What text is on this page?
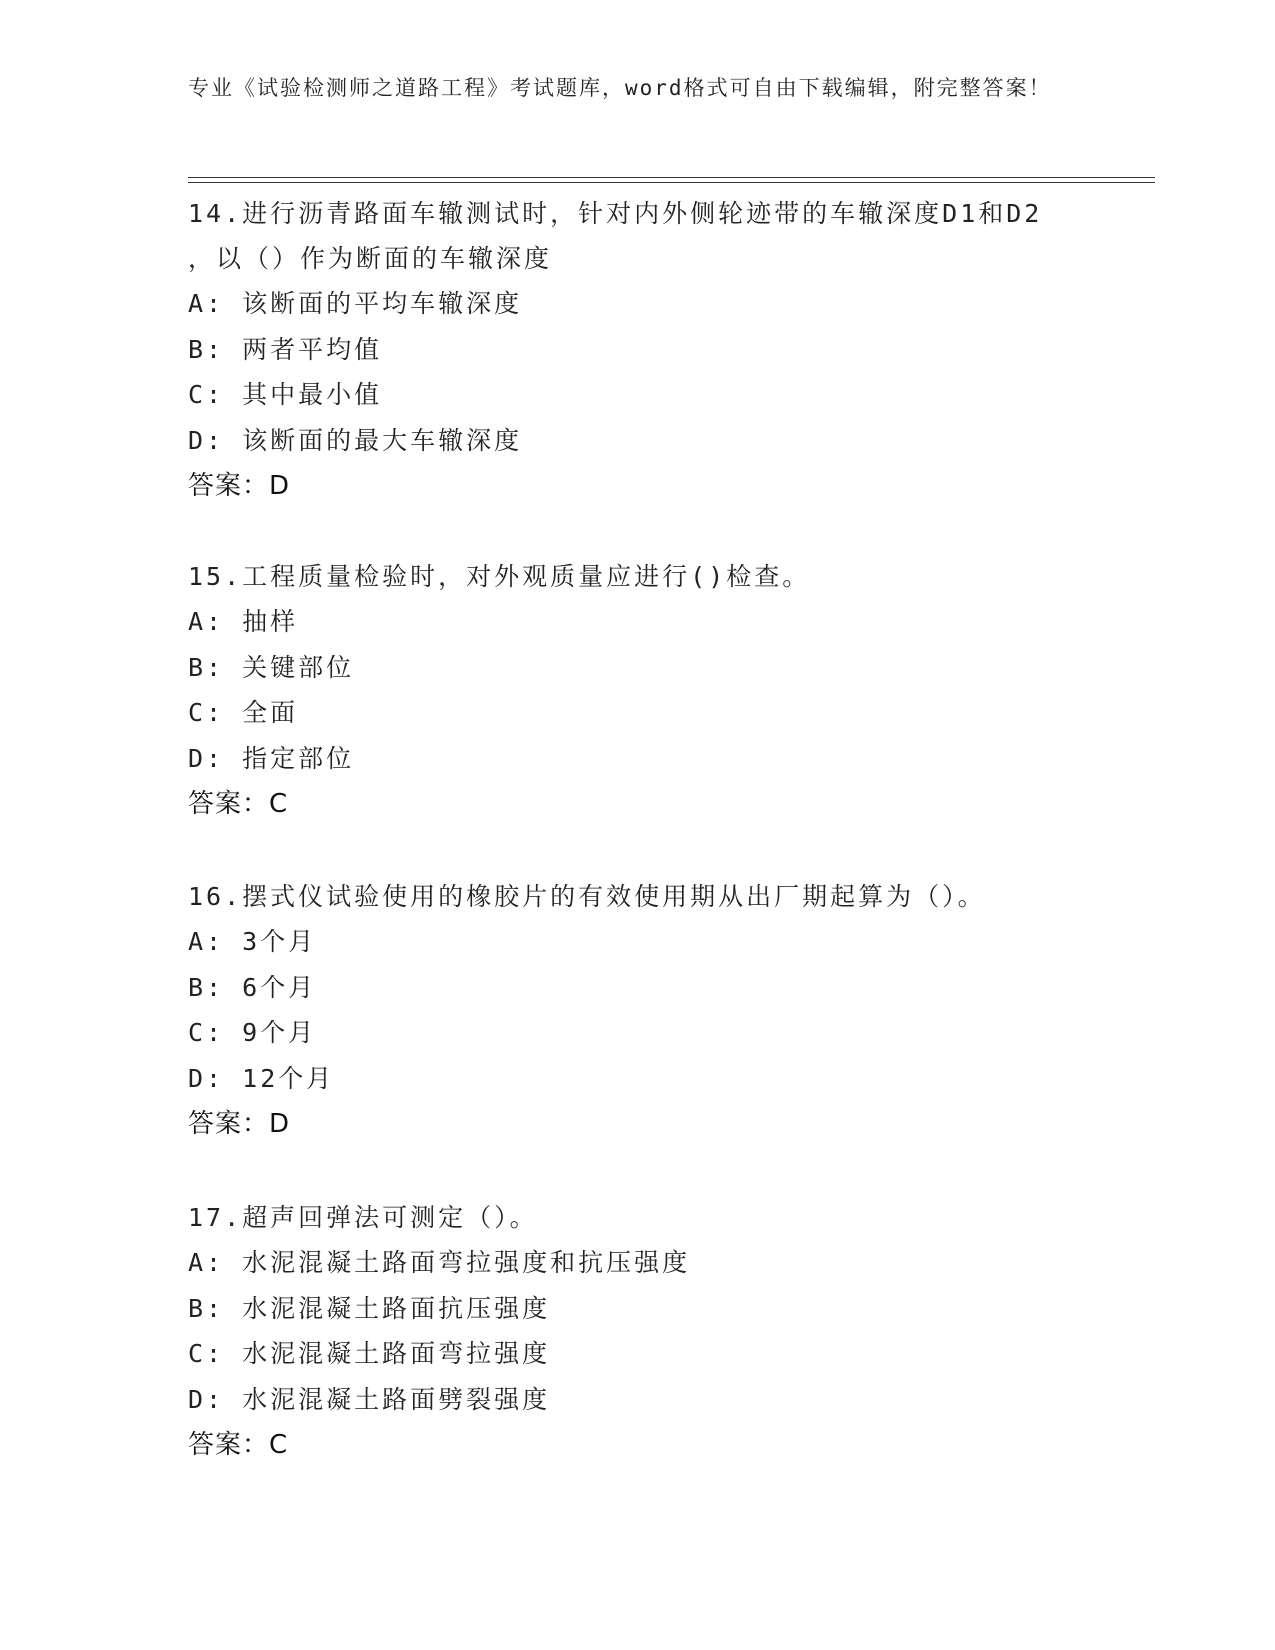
专业《试验检测师之道路工程》考试题库，word格式可自由下载编辑，附完整答案！
14.进行沥青路面车辙测试时，针对内外侧轮迹带的车辙深度D1和D2
，以（）作为断面的车辙深度
A: 该断面的平均车辙深度
B: 两者平均值
C: 其中最小值
D: 该断面的最大车辙深度
答案：D
15.工程质量检验时，对外观质量应进行()检查。
A: 抽样
B: 关键部位
C: 全面
D: 指定部位
答案：C
16.摆式仪试验使用的橡胶片的有效使用期从出厂期起算为（）。
A: 3个月
B: 6个月
C: 9个月
D: 12个月
答案：D
17.超声回弹法可测定（）。
A: 水泥混凝土路面弯拉强度和抗压强度
B: 水泥混凝土路面抗压强度
C: 水泥混凝土路面弯拉强度
D: 水泥混凝土路面劈裂强度
答案：C
